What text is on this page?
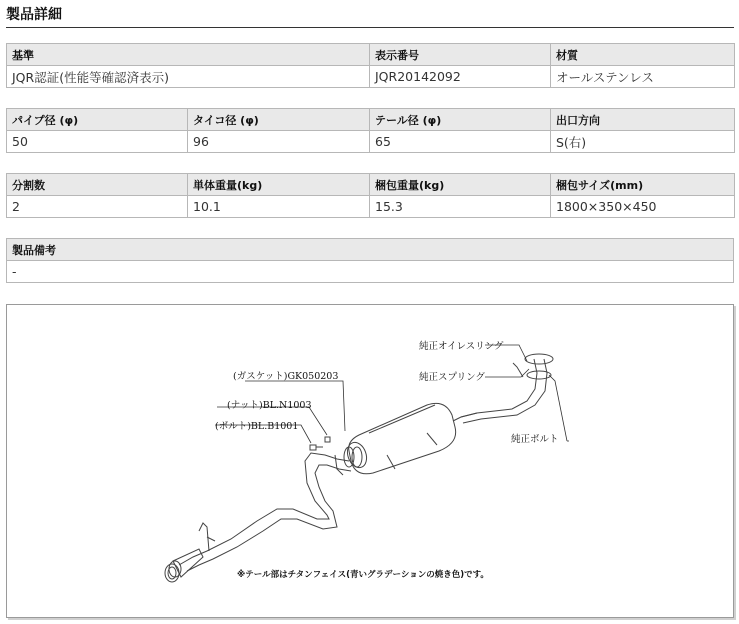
製品詳細
基準	表示番号	材質
JQR認証(性能等確認済表示)	JQR20142092	オールステンレス
パイプ径 (φ)	タイコ径 (φ)	テール径 (φ)	出口方向
50	96	65	S(右)
分割数	単体重量(kg)	梱包重量(kg)	梱包サイズ(mm)
2	10.1	15.3	1800×350×450
製品備考
-
純正オイレスリング
純正スプリング
純正ボルト
(ガスケット)GK050203
(ナット)BL.N1003
(ボルト)BL.B1001
※テール部はチタンフェイス(青いグラデーションの焼き色)です。
